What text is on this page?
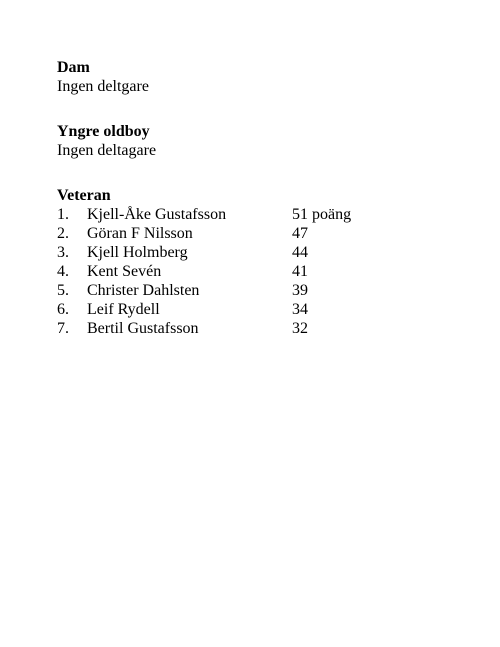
Dam

Ingen deltgare

Yngre oldboy

Ingen deltagare

Veteran

1. Kjell-Åke Gustafsson	51 poäng
2. Göran F Nilsson	47
3. Kjell Holmberg	44
4. Kent Sevén	41
5. Christer Dahlsten	39
6. Leif Rydell	34
7. Bertil Gustafsson	32
